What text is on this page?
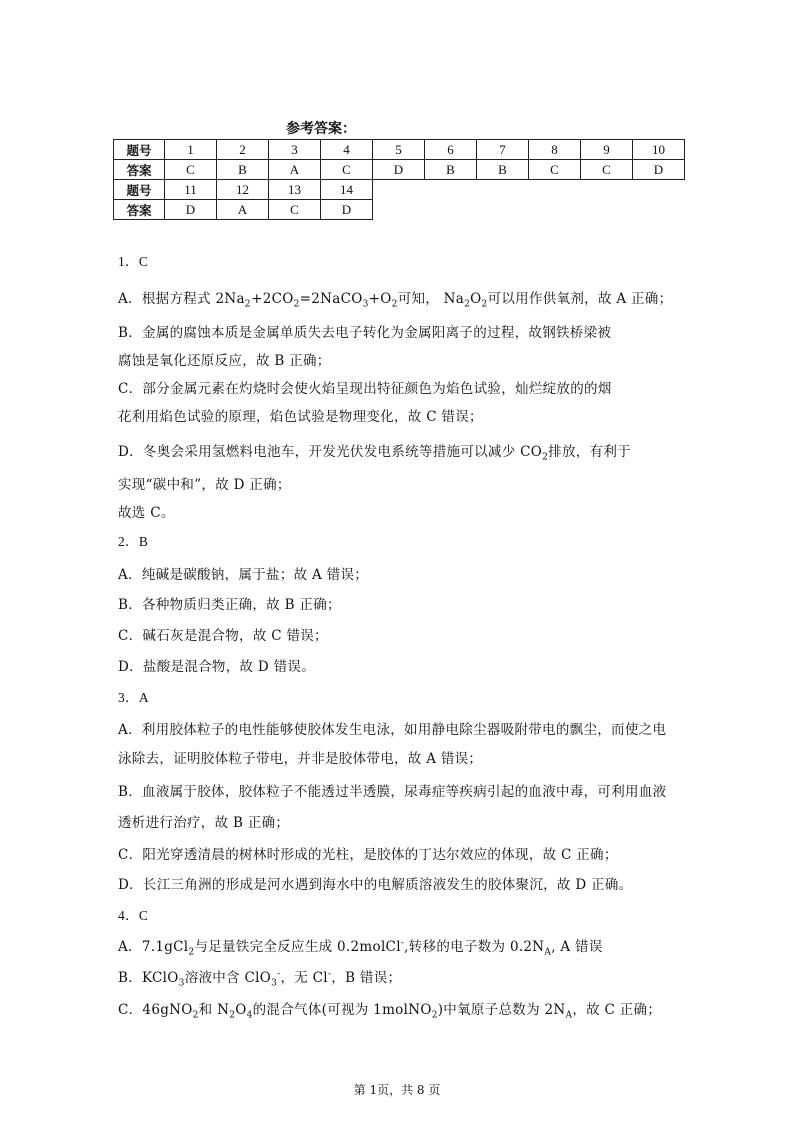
参考答案：
题号	1	2	3	4	5	6	7	8	9	10
答案	C	B	A	C	D	B	B	C	C	D
题号	11	12	13	14						
答案	D	A	C	D						
1．C
A．根据方程式 $2Na_2+2CO_2=2NaCO_3+O_2$可知， $Na_2O_2$可以用作供氧剂，故 A 正确；
B．金属的腐蚀本质是金属单质失去电子转化为金属阳离子的过程，故钢铁桥梁被
腐蚀是氧化还原反应，故 B 正确；
C．部分金属元素在灼烧时会使火焰呈现出特征颜色为焰色试验，灿烂绽放的的烟
花利用焰色试验的原理，焰色试验是物理变化，故 C 错误；
D．冬奥会采用氢燃料电池车，开发光伏发电系统等措施可以减少 $CO_2$排放，有利于
实现“碳中和”，故 D 正确；
故选 C。
2．B
A．纯碱是碳酸钠，属于盐；故 A 错误；
B．各种物质归类正确，故 B 正确；
C．碱石灰是混合物，故 C 错误；
D．盐酸是混合物，故 D 错误。
3．A
A．利用胶体粒子的电性能够使胶体发生电泳，如用静电除尘器吸附带电的飘尘，而使之电
泳除去，证明胶体粒子带电，并非是胶体带电，故 A 错误；
B．血液属于胶体，胶体粒子不能透过半透膜，尿毒症等疾病引起的血液中毒，可利用血液
透析进行治疗，故 B 正确；
C．阳光穿透清晨的树林时形成的光柱，是胶体的丁达尔效应的体现，故 C 正确；
D．长江三角洲的形成是河水遇到海水中的电解质溶液发生的胶体聚沉，故 D 正确。
4．C
A．7.1gCl$_2$与足量铁完全反应生成 0.2molCl-,转移的电子数为 $0.2N_A$, A 错误
B．KClO$_3$溶液中含 ClO$_3$-，无 Cl-，B 错误；
C．46gNO$_2$和 $N_2O_4$的混合气体(可视为 1molNO$_2$)中氧原子总数为 $2N_A$，故 C 正确；
第 1页，共 8 页
